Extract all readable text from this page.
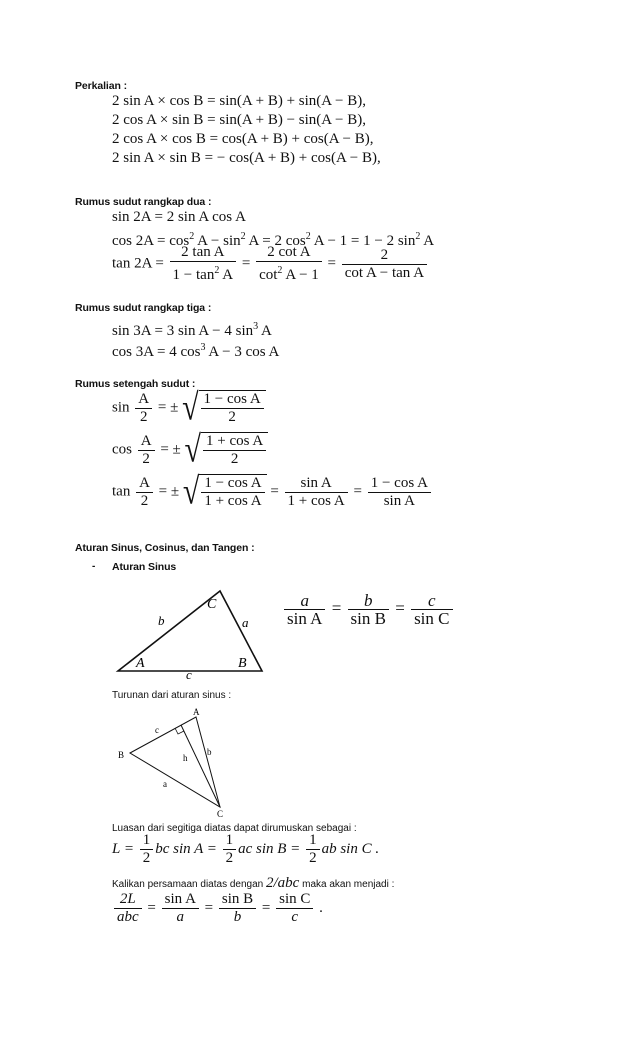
Perkalian :
2 sin A × cos B = sin(A + B) + sin(A − B),
2 cos A × sin B = sin(A + B) − sin(A − B),
2 cos A × cos B = cos(A + B) + cos(A − B),
2 sin A × sin B = − cos(A + B) + cos(A − B),
Rumus sudut rangkap dua :
sin 2A = 2 sin A cos A
$\cos 2A = \cos^2 A - \sin^2 A = 2$ $\cos^2 A - 1 = 1 - 2$ $\sin^2 A$
$\tan 2A = \frac{\text{2 tan A}}{1 - \tan^2 A} = \frac{\text{2 cot A}}{\cot^2 A - 1} = \frac{2}{\text{cot A − tan A}}$
Rumus sudut rangkap tiga :
sin 3A = 3 sin A − 4 $\sin^3 A$
cos 3A = 4 $\cos^3 A - 3$ cos A
Rumus setengah sudut :
$\sin \frac{A}{2}$ = ± √ $\frac{\text{1 − cos A}}{2}$
$\cos \frac{A}{2}$ = ± √ $\frac{\text{1 + cos A}}{2}$
$\tan \frac{A}{2}$ = ± √ $\frac{\text{1 − cos A}}{\text{1 + cos A}} = \frac{\text{sin A}}{\text{1 + cos A}} = \frac{\text{1 − cos A}}{\text{sin A}}$
Aturan Sinus, Cosinus, dan Tangen :
- Aturan Sinus
C
b	a
A	B
c
$\frac{a}{\text{sin A}} = \frac{b}{\text{sin B}} = \frac{c}{\text{sin C}}$
Turunan dari aturan sinus :
A
B
C
c
b
h
a
Luasan dari segitiga diatas dapat dirumuskan sebagai :
$L = \frac{1}{2}$ bc $\sin A = \frac{1}{2}$ ac $\sin B = \frac{1}{2}$ ab sin C .
Kalikan persamaan diatas dengan 2/abc maka akan menjadi :
$\frac{2L}{\text{abc}} = \frac{\text{sin A}}{a} = \frac{\text{sin B}}{b} = \frac{\text{sin C}}{c}$ .
